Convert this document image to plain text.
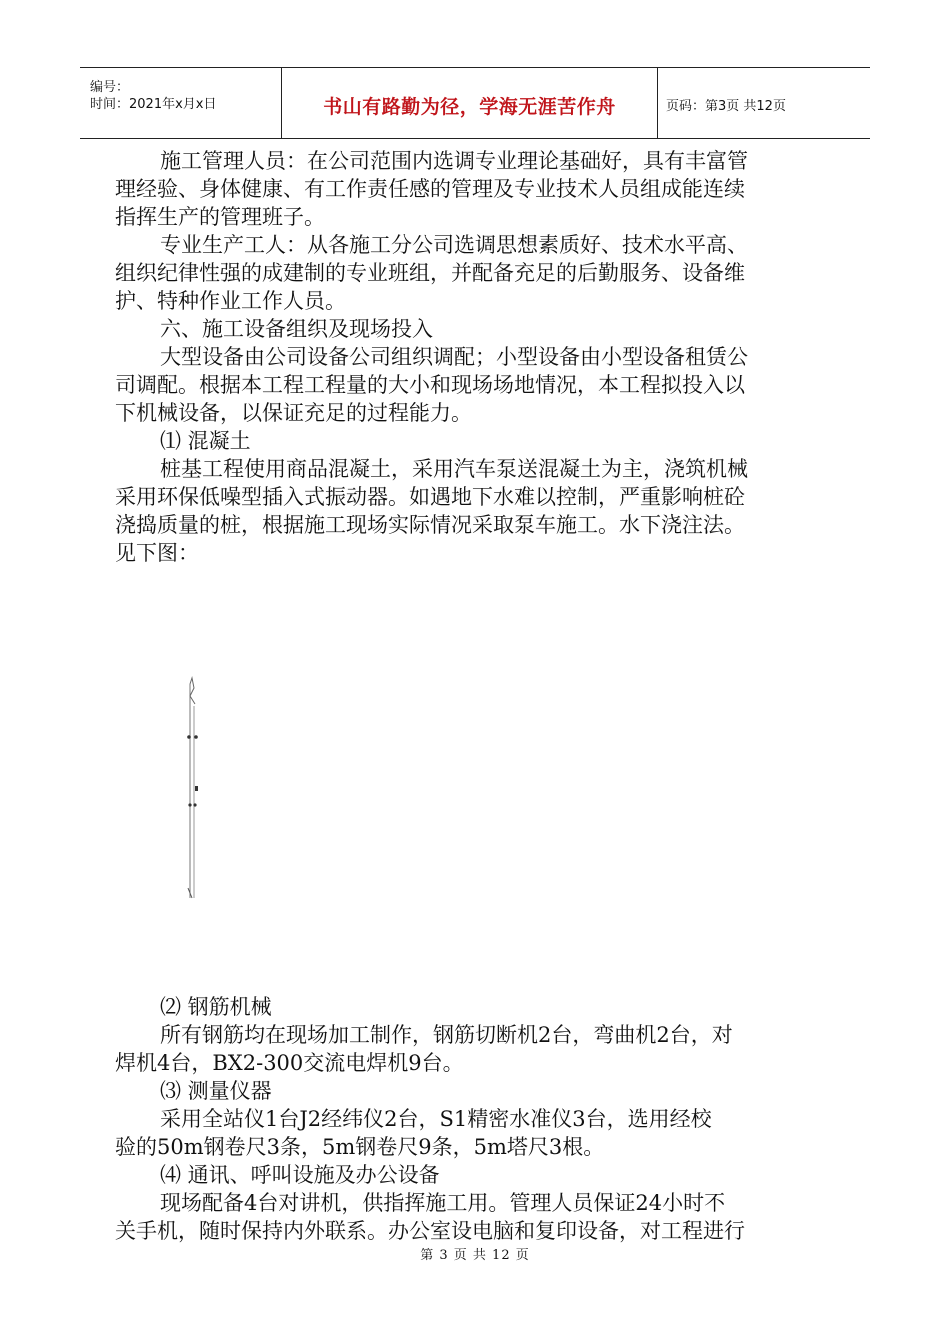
编号：
时间：2021年x月x日	书山有路勤为径，学海无涯苦作舟	页码：第3页 共12页

施工管理人员：在公司范围内选调专业理论基础好，具有丰富管

理经验、身体健康、有工作责任感的管理及专业技术人员组成能连续

指挥生产的管理班子。

专业生产工人：从各施工分公司选调思想素质好、技术水平高、

组织纪律性强的成建制的专业班组，并配备充足的后勤服务、设备维

护、特种作业工作人员。

六、施工设备组织及现场投入

大型设备由公司设备公司组织调配；小型设备由小型设备租赁公

司调配。根据本工程工程量的大小和现场场地情况，本工程拟投入以

下机械设备，以保证充足的过程能力。

⑴ 混凝土

桩基工程使用商品混凝土，采用汽车泵送混凝土为主，浇筑机械

采用环保低噪型插入式振动器。如遇地下水难以控制，严重影响桩砼

浇捣质量的桩，根据施工现场实际情况采取泵车施工。水下浇注法。

见下图：

⑵ 钢筋机械

所有钢筋均在现场加工制作，钢筋切断机2台，弯曲机2台，对

焊机4台，BX2-300交流电焊机9台。

⑶ 测量仪器

采用全站仪1台J2经纬仪2台，S1精密水准仪3台，选用经校

验的50m钢卷尺3条，5m钢卷尺9条，5m塔尺3根。

⑷ 通讯、呼叫设施及办公设备

现场配备4台对讲机，供指挥施工用。管理人员保证24小时不

关手机，随时保持内外联系。办公室设电脑和复印设备，对工程进行

第 3 页 共 12 页
